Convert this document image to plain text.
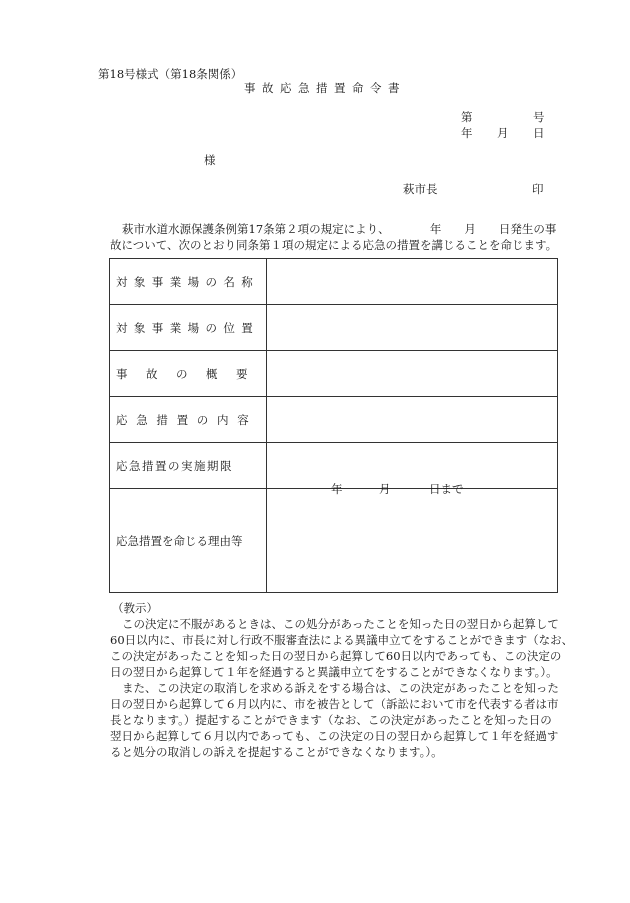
第18号様式（第18条関係）
事故応急措置命令書
第	号
年 月 日
様
萩市長	印
萩市水道水源保護条例第17条第２項の規定により、　　　　年　　月　　日発生の事
故について、次のとおり同条第１項の規定による応急の措置を講じることを命じます。
対象事業場の名称	
対象事業場の位置	
事故の概要	
応急措置の内容	
応急措置の実施期限	年 月 日まで

応急措置を命じる理由等	
（教示）
この決定に不服があるときは、この処分があったことを知った日の翌日から起算して
60日以内に、市長に対し行政不服審査法による異議申立てをすることができます（なお、
この決定があったことを知った日の翌日から起算して60日以内であっても、この決定の
日の翌日から起算して１年を経過すると異議申立てをすることができなくなります。）。
また、この決定の取消しを求める訴えをする場合は、この決定があったことを知った
日の翌日から起算して６月以内に、市を被告として（訴訟において市を代表する者は市
長となります。）提起することができます（なお、この決定があったことを知った日の
翌日から起算して６月以内であっても、この決定の日の翌日から起算して１年を経過す
ると処分の取消しの訴えを提起することができなくなります。）。
